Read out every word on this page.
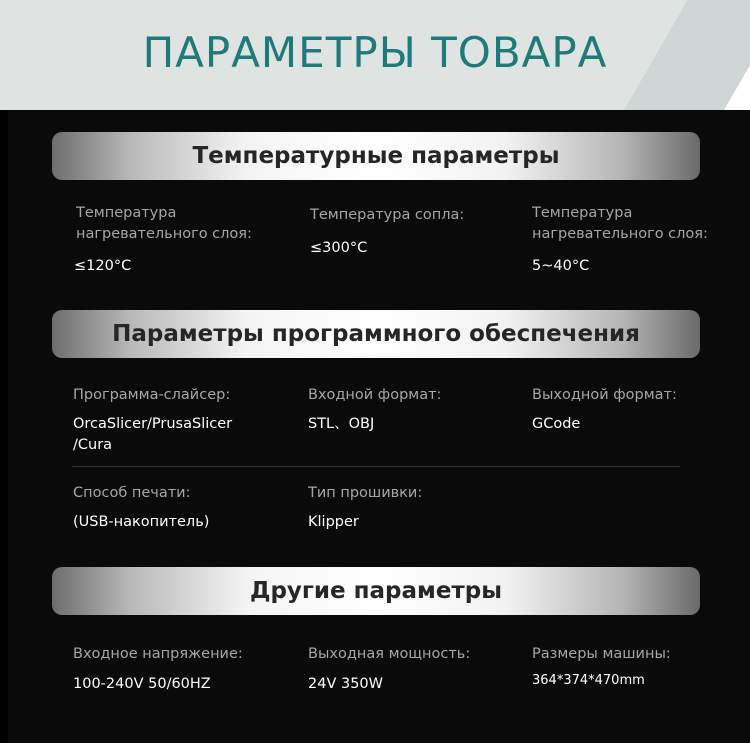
ПАРАМЕТРЫ ТОВАРА
Температурные параметры
Температура
нагревательного слоя:
≤120°C
Температура сопла:
≤300°C
Температура
нагревательного слоя:
5~40°C
Параметры программного обеспечения
Программа-слайсер:
OrcaSlicer/PrusaSlicer
/Cura
Входной формат:
STL、OBJ
Выходной формат:
GCode
Способ печати:
(USB-накопитель)
Тип прошивки:
Klipper
Другие параметры
Входное напряжение:
100-240V 50/60HZ
Выходная мощность:
24V 350W
Размеры машины:
364*374*470mm
